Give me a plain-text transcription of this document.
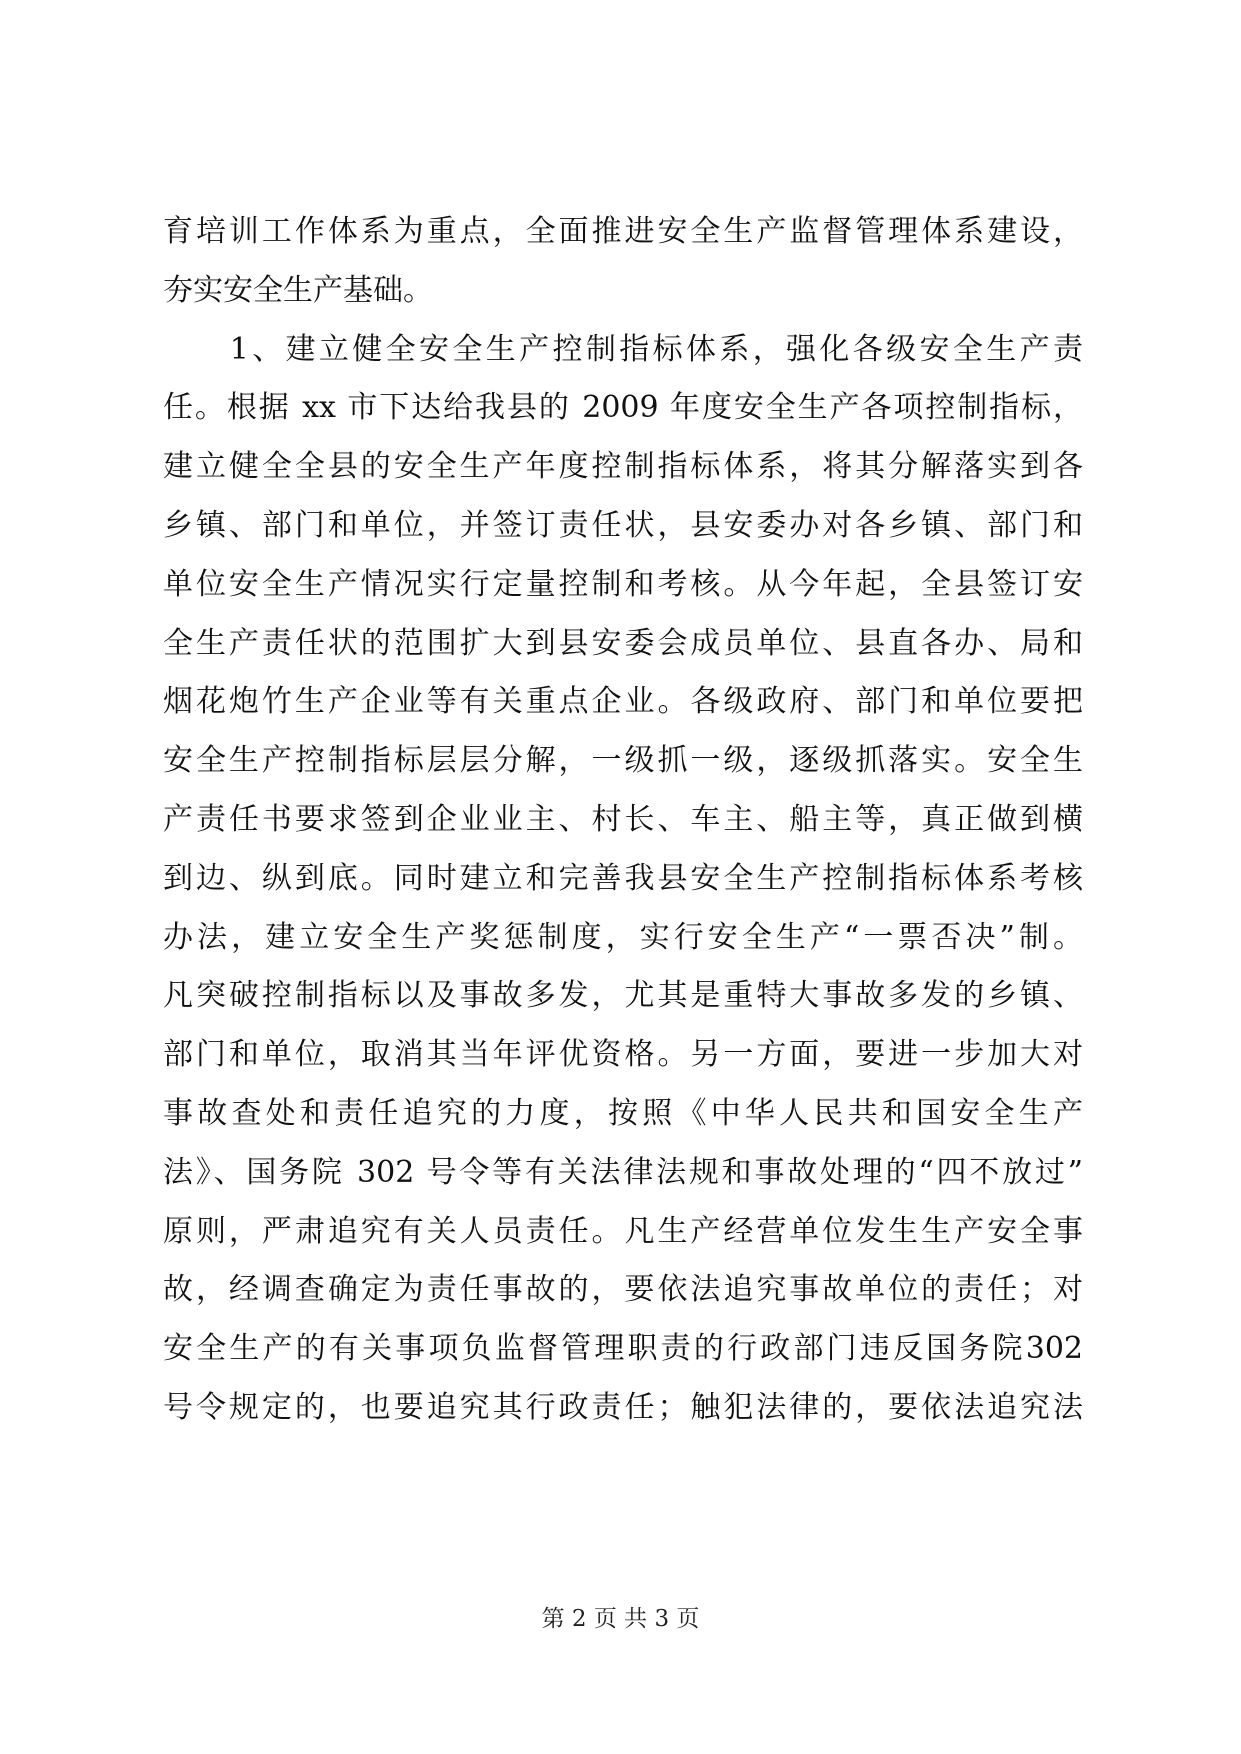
育培训工作体系为重点，全面推进安全生产监督管理体系建设，
夯实安全生产基础。
　　1、建立健全安全生产控制指标体系，强化各级安全生产责
任。根据 xx 市下达给我县的 2009 年度安全生产各项控制指标，
建立健全全县的安全生产年度控制指标体系，将其分解落实到各
乡镇、部门和单位，并签订责任状，县安委办对各乡镇、部门和
单位安全生产情况实行定量控制和考核。从今年起，全县签订安
全生产责任状的范围扩大到县安委会成员单位、县直各办、局和
烟花炮竹生产企业等有关重点企业。各级政府、部门和单位要把
安全生产控制指标层层分解，一级抓一级，逐级抓落实。安全生
产责任书要求签到企业业主、村长、车主、船主等，真正做到横
到边、纵到底。同时建立和完善我县安全生产控制指标体系考核
办法，建立安全生产奖惩制度，实行安全生产“一票否决”制。
凡突破控制指标以及事故多发，尤其是重特大事故多发的乡镇、
部门和单位，取消其当年评优资格。另一方面，要进一步加大对
事故查处和责任追究的力度，按照《中华人民共和国安全生产
法》、国务院 302 号令等有关法律法规和事故处理的“四不放过”
原则，严肃追究有关人员责任。凡生产经营单位发生生产安全事
故，经调查确定为责任事故的，要依法追究事故单位的责任；对
安全生产的有关事项负监督管理职责的行政部门违反国务院302
号令规定的，也要追究其行政责任；触犯法律的，要依法追究法
第 2 页 共 3 页
